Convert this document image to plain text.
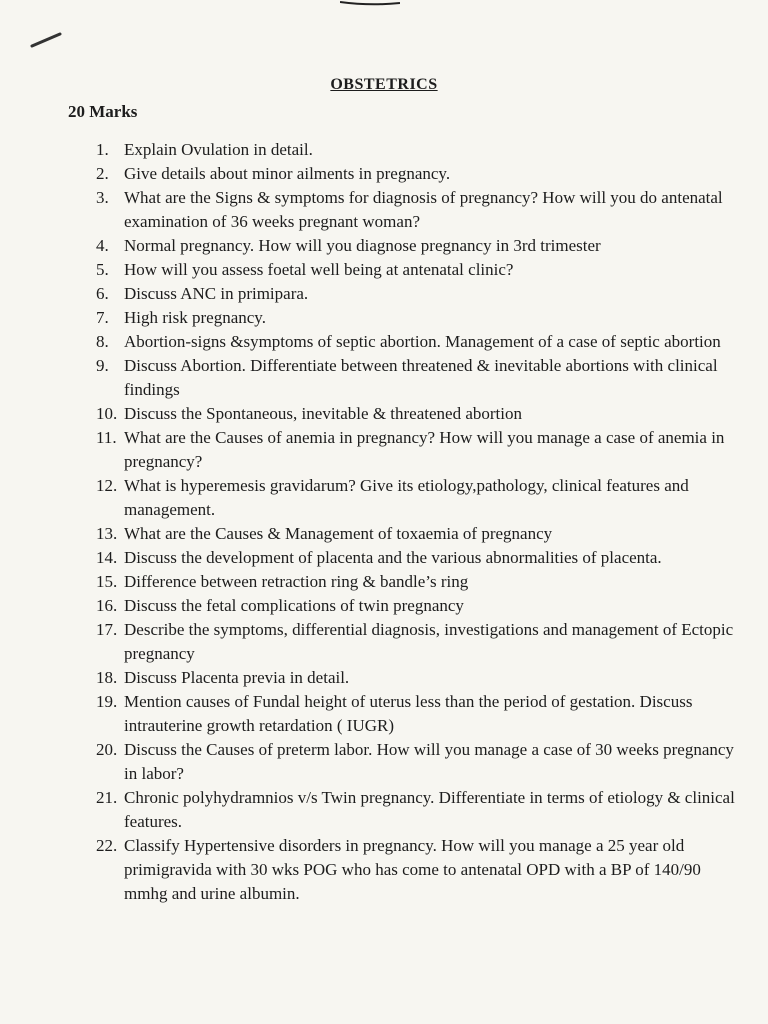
OBSTETRICS
20 Marks
1. Explain Ovulation in detail.
2. Give details about minor ailments in pregnancy.
3. What are the Signs & symptoms for diagnosis of pregnancy? How will you do antenatal examination of 36 weeks pregnant woman?
4. Normal pregnancy. How will you diagnose pregnancy in 3rd trimester
5. How will you assess foetal well being at antenatal clinic?
6. Discuss ANC in primipara.
7. High risk pregnancy.
8. Abortion-signs &symptoms of septic abortion. Management of a case of septic abortion
9. Discuss Abortion. Differentiate between threatened & inevitable abortions with clinical findings
10. Discuss the Spontaneous, inevitable & threatened abortion
11. What are the Causes of anemia in pregnancy? How will you manage a case of anemia in pregnancy?
12. What is hyperemesis gravidarum? Give its etiology,pathology, clinical features and management.
13. What are the Causes & Management of toxaemia of pregnancy
14. Discuss the development of placenta and the various abnormalities of placenta.
15. Difference between retraction ring & bandle’s ring
16. Discuss the fetal complications of twin pregnancy
17. Describe the symptoms, differential diagnosis, investigations and management of Ectopic pregnancy
18. Discuss Placenta previa in detail.
19. Mention causes of Fundal height of uterus less than the period of gestation. Discuss intrauterine growth retardation ( IUGR)
20. Discuss the Causes of preterm labor. How will you manage a case of 30 weeks pregnancy in labor?
21. Chronic polyhydramnios v/s Twin pregnancy. Differentiate in terms of etiology & clinical features.
22. Classify Hypertensive disorders in pregnancy. How will you manage a 25 year old primigravida with 30 wks POG who has come to antenatal OPD with a BP of 140/90 mmhg and urine albumin.
